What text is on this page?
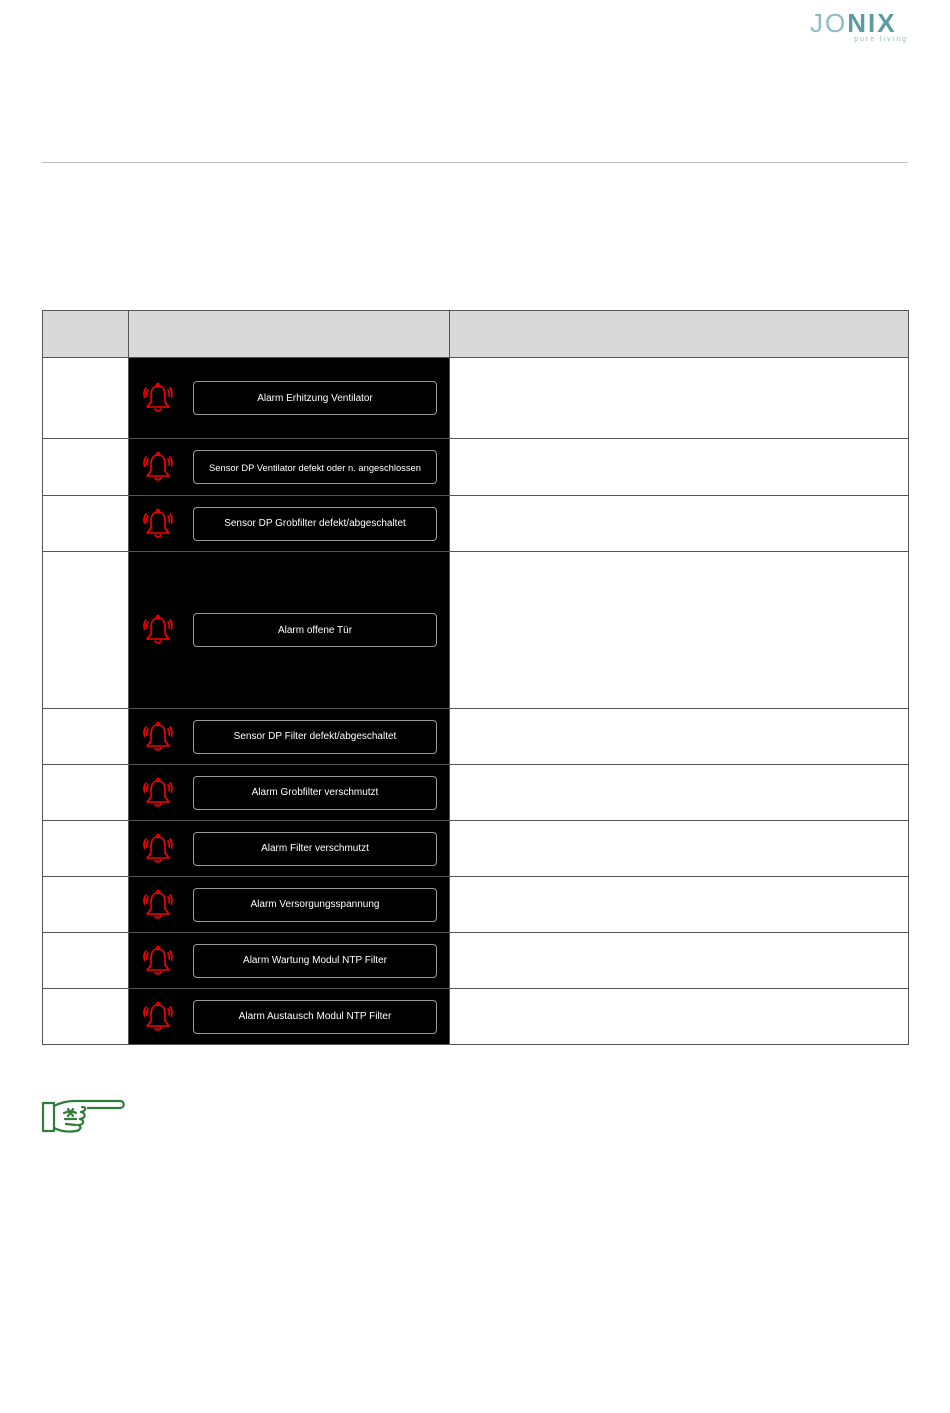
JONIX
pure living

Alarm Erhitzung Ventilator	

Sensor DP Ventilator defekt oder n. angeschlossen	

Sensor DP Grobfilter defekt/abgeschaltet	

Alarm offene Tür	

Sensor DP Filter defekt/abgeschaltet	

Alarm Grobfilter verschmutzt	

Alarm Filter verschmutzt	

Alarm Versorgungsspannung	

Alarm Wartung Modul NTP Filter	

Alarm Austausch Modul NTP Filter	
